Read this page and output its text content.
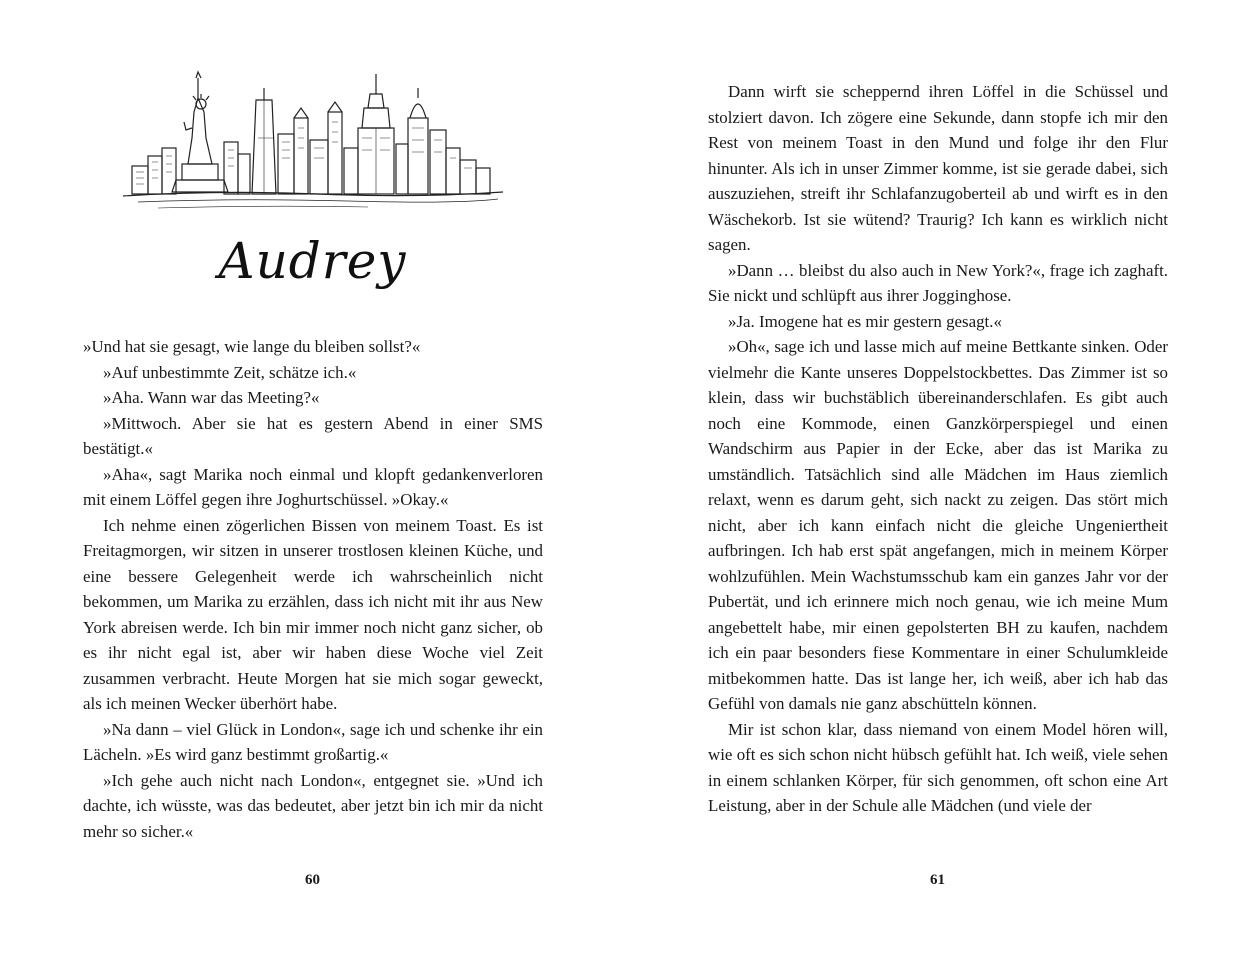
Audrey

»Und hat sie gesagt, wie lange du bleiben sollst?«

»Auf unbestimmte Zeit, schätze ich.«

»Aha. Wann war das Meeting?«

»Mittwoch. Aber sie hat es gestern Abend in einer SMS bestätigt.«

»Aha«, sagt Marika noch einmal und klopft gedankenverloren mit einem Löffel gegen ihre Joghurtschüssel. »Okay.«

Ich nehme einen zögerlichen Bissen von meinem Toast. Es ist Freitagmorgen, wir sitzen in unserer trostlosen kleinen Küche, und eine bessere Gelegenheit werde ich wahrscheinlich nicht bekommen, um Marika zu erzählen, dass ich nicht mit ihr aus New York abreisen werde. Ich bin mir immer noch nicht ganz sicher, ob es ihr nicht egal ist, aber wir haben diese Woche viel Zeit zusammen verbracht. Heute Morgen hat sie mich sogar geweckt, als ich meinen Wecker überhört habe.

»Na dann – viel Glück in London«, sage ich und schenke ihr ein Lächeln. »Es wird ganz bestimmt großartig.«

»Ich gehe auch nicht nach London«, entgegnet sie. »Und ich dachte, ich wüsste, was das bedeutet, aber jetzt bin ich mir da nicht mehr so sicher.«

60

Dann wirft sie scheppernd ihren Löffel in die Schüssel und stolziert davon. Ich zögere eine Sekunde, dann stopfe ich mir den Rest von meinem Toast in den Mund und folge ihr den Flur hinunter. Als ich in unser Zimmer komme, ist sie gerade dabei, sich auszuziehen, streift ihr Schlafanzugoberteil ab und wirft es in den Wäschekorb. Ist sie wütend? Traurig? Ich kann es wirklich nicht sagen.

»Dann … bleibst du also auch in New York?«, frage ich zaghaft. Sie nickt und schlüpft aus ihrer Jogginghose.

»Ja. Imogene hat es mir gestern gesagt.«

»Oh«, sage ich und lasse mich auf meine Bettkante sinken. Oder vielmehr die Kante unseres Doppelstockbettes. Das Zimmer ist so klein, dass wir buchstäblich übereinanderschlafen. Es gibt auch noch eine Kommode, einen Ganzkörperspiegel und einen Wandschirm aus Papier in der Ecke, aber das ist Marika zu umständlich. Tatsächlich sind alle Mädchen im Haus ziemlich relaxt, wenn es darum geht, sich nackt zu zeigen. Das stört mich nicht, aber ich kann einfach nicht die gleiche Ungeniertheit aufbringen. Ich hab erst spät angefangen, mich in meinem Körper wohlzufühlen. Mein Wachstumsschub kam ein ganzes Jahr vor der Pubertät, und ich erinnere mich noch genau, wie ich meine Mum angebettelt habe, mir einen gepolsterten BH zu kaufen, nachdem ich ein paar besonders fiese Kommentare in einer Schulumkleide mitbekommen hatte. Das ist lange her, ich weiß, aber ich hab das Gefühl von damals nie ganz abschütteln können.

Mir ist schon klar, dass niemand von einem Model hören will, wie oft es sich schon nicht hübsch gefühlt hat. Ich weiß, viele sehen in einem schlanken Körper, für sich genommen, oft schon eine Art Leistung, aber in der Schule alle Mädchen (und viele der

61
